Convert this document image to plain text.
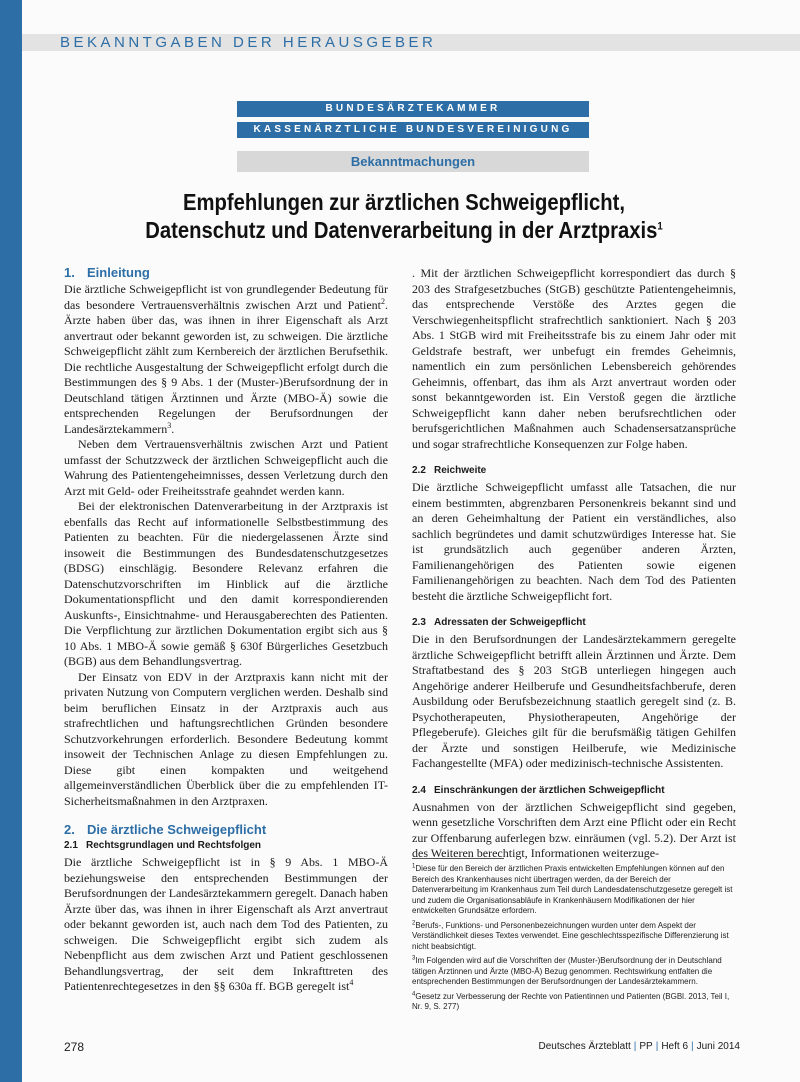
BEKANNTGABEN DER HERAUSGEBER
BUNDESÄRZTEKAMMER
KASSENÄRZTLICHE BUNDESVEREINIGUNG
Bekanntmachungen
Empfehlungen zur ärztlichen Schweigepflicht,
Datenschutz und Datenverarbeitung in der Arztpraxis$^1$
1. Einleitung

Die ärztliche Schweigepflicht ist von grundlegender Bedeutung für das besondere Vertrauensverhältnis zwischen Arzt und Patient$^2$. Ärzte haben über das, was ihnen in ihrer Eigenschaft als Arzt anvertraut oder bekannt geworden ist, zu schweigen. Die ärztliche Schweigepflicht zählt zum Kernbereich der ärztlichen Berufsethik. Die rechtliche Ausgestaltung der Schweigepflicht erfolgt durch die Bestimmungen des § 9 Abs. 1 der (Muster-)Berufsordnung der in Deutschland tätigen Ärztinnen und Ärzte (MBO-Ä) sowie die entsprechenden Regelungen der Berufsordnungen der Landesärztekammern$^3$.

Neben dem Vertrauensverhältnis zwischen Arzt und Patient umfasst der Schutzzweck der ärztlichen Schweigepflicht auch die Wahrung des Patientengeheimnisses, dessen Verletzung durch den Arzt mit Geld- oder Freiheitsstrafe geahndet werden kann.

Bei der elektronischen Datenverarbeitung in der Arztpraxis ist ebenfalls das Recht auf informationelle Selbstbestimmung des Patienten zu beachten. Für die niedergelassenen Ärzte sind insoweit die Bestimmungen des Bundesdatenschutzgesetzes (BDSG) einschlägig. Besondere Relevanz erfahren die Datenschutzvorschriften im Hinblick auf die ärztliche Dokumentationspflicht und den damit korrespondierenden Auskunfts-, Einsichtnahme- und Herausgaberechten des Patienten. Die Verpflichtung zur ärztlichen Dokumentation ergibt sich aus § 10 Abs. 1 MBO-Ä sowie gemäß § 630f Bürgerliches Gesetzbuch (BGB) aus dem Behandlungsvertrag.

Der Einsatz von EDV in der Arztpraxis kann nicht mit der privaten Nutzung von Computern verglichen werden. Deshalb sind beim beruflichen Einsatz in der Arztpraxis auch aus strafrechtlichen und haftungsrechtlichen Gründen besondere Schutzvorkehrungen erforderlich. Besondere Bedeutung kommt insoweit der Technischen Anlage zu diesen Empfehlungen zu. Diese gibt einen kompakten und weitgehend allgemeinverständlichen Überblick über die zu empfehlenden IT-Sicherheitsmaßnahmen in den Arztpraxen.

2. Die ärztliche Schweigepflicht
2.1 Rechtsgrundlagen und Rechtsfolgen

Die ärztliche Schweigepflicht ist in § 9 Abs. 1 MBO-Ä beziehungsweise den entsprechenden Bestimmungen der Berufsordnungen der Landesärztekammern geregelt. Danach haben Ärzte über das, was ihnen in ihrer Eigenschaft als Arzt anvertraut oder bekannt geworden ist, auch nach dem Tod des Patienten, zu schweigen. Die Schweigepflicht ergibt sich zudem als Nebenpflicht aus dem zwischen Arzt und Patient geschlossenen Behandlungsvertrag, der seit dem Inkrafttreten des Patientenrechtegesetzes in den §§ 630a ff. BGB geregelt ist$^4$

. Mit der ärztlichen Schweigepflicht korrespondiert das durch § 203 des Strafgesetzbuches (StGB) geschützte Patientengeheimnis, das entsprechende Verstöße des Arztes gegen die Verschwiegenheitspflicht strafrechtlich sanktioniert. Nach § 203 Abs. 1 StGB wird mit Freiheitsstrafe bis zu einem Jahr oder mit Geldstrafe bestraft, wer unbefugt ein fremdes Geheimnis, namentlich ein zum persönlichen Lebensbereich gehörendes Geheimnis, offenbart, das ihm als Arzt anvertraut worden oder sonst bekanntgeworden ist. Ein Verstoß gegen die ärztliche Schweigepflicht kann daher neben berufsrechtlichen oder berufsgerichtlichen Maßnahmen auch Schadensersatzansprüche und sogar strafrechtliche Konsequenzen zur Folge haben.

2.2 Reichweite

Die ärztliche Schweigepflicht umfasst alle Tatsachen, die nur einem bestimmten, abgrenzbaren Personenkreis bekannt sind und an deren Geheimhaltung der Patient ein verständliches, also sachlich begründetes und damit schutzwürdiges Interesse hat. Sie ist grundsätzlich auch gegenüber anderen Ärzten, Familienangehörigen des Patienten sowie eigenen Familienangehörigen zu beachten. Nach dem Tod des Patienten besteht die ärztliche Schweigepflicht fort.

2.3 Adressaten der Schweigepflicht

Die in den Berufsordnungen der Landesärztekammern geregelte ärztliche Schweigepflicht betrifft allein Ärztinnen und Ärzte. Dem Straftatbestand des § 203 StGB unterliegen hingegen auch Angehörige anderer Heilberufe und Gesundheitsfachberufe, deren Ausbildung oder Berufsbezeichnung staatlich geregelt sind (z. B. Psychotherapeuten, Physiotherapeuten, Angehörige der Pflegeberufe). Gleiches gilt für die berufsmäßig tätigen Gehilfen der Ärzte und sonstigen Heilberufe, wie Medizinische Fachangestellte (MFA) oder medizinisch-technische Assistenten.

2.4 Einschränkungen der ärztlichen Schweigepflicht

Ausnahmen von der ärztlichen Schweigepflicht sind gegeben, wenn gesetzliche Vorschriften dem Arzt eine Pflicht oder ein Recht zur Offenbarung auferlegen bzw. einräumen (vgl. 5.2). Der Arzt ist des Weiteren berechtigt, Informationen weiterzuge-

$^1$Diese für den Bereich der ärztlichen Praxis entwickelten Empfehlungen können auf den Bereich des Krankenhauses nicht übertragen werden, da der Bereich der Datenverarbeitung im Krankenhaus zum Teil durch Landesdatenschutzgesetze geregelt ist und zudem die Organisationsabläufe in Krankenhäusern Modifikationen der hier entwickelten Grundsätze erfordern.

$^2$Berufs-, Funktions- und Personenbezeichnungen wurden unter dem Aspekt der Verständlichkeit dieses Textes verwendet. Eine geschlechtsspezifische Differenzierung ist nicht beabsichtigt.

$^3$Im Folgenden wird auf die Vorschriften der (Muster-)Berufsordnung der in Deutschland tätigen Ärztinnen und Ärzte (MBO-Ä) Bezug genommen. Rechtswirkung entfalten die entsprechenden Bestimmungen der Berufsordnungen der Landesärztekammern.

$^4$Gesetz zur Verbesserung der Rechte von Patientinnen und Patienten (BGBl. 2013, Teil I, Nr. 9, S. 277)

278	Deutsches Ärzteblatt | PP | Heft 6 | Juni 2014
